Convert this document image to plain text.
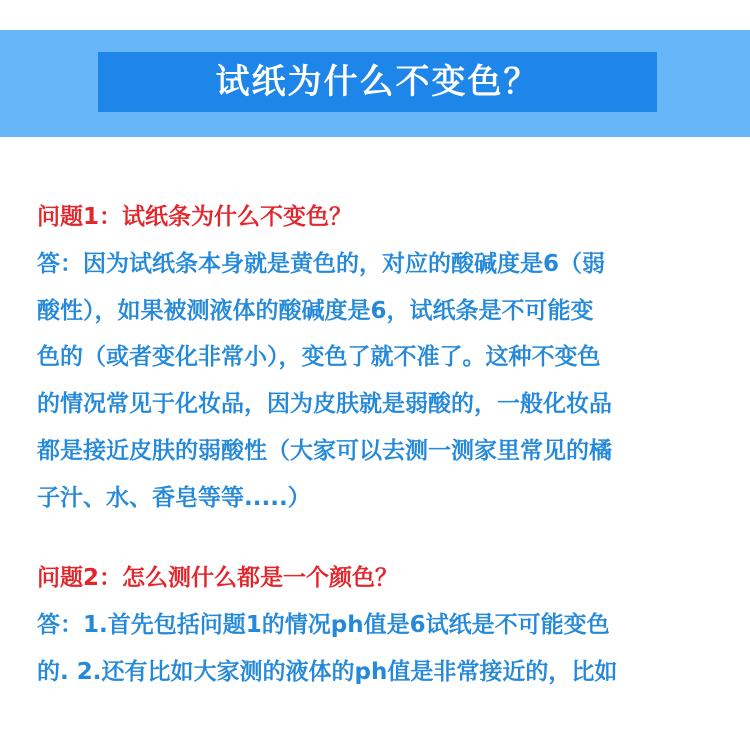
试纸为什么不变色？

问题1：试纸条为什么不变色？

答：因为试纸条本身就是黄色的，对应的酸碱度是6（弱
酸性），如果被测液体的酸碱度是6，试纸条是不可能变
色的（或者变化非常小），变色了就不准了。这种不变色
的情况常见于化妆品，因为皮肤就是弱酸的，一般化妆品
都是接近皮肤的弱酸性（大家可以去测一测家里常见的橘
子汁、水、香皂等等.....）

问题2：怎么测什么都是一个颜色？

答：1.首先包括问题1的情况ph值是6试纸是不可能变色
的. 2.还有比如大家测的液体的ph值是非常接近的，比如
